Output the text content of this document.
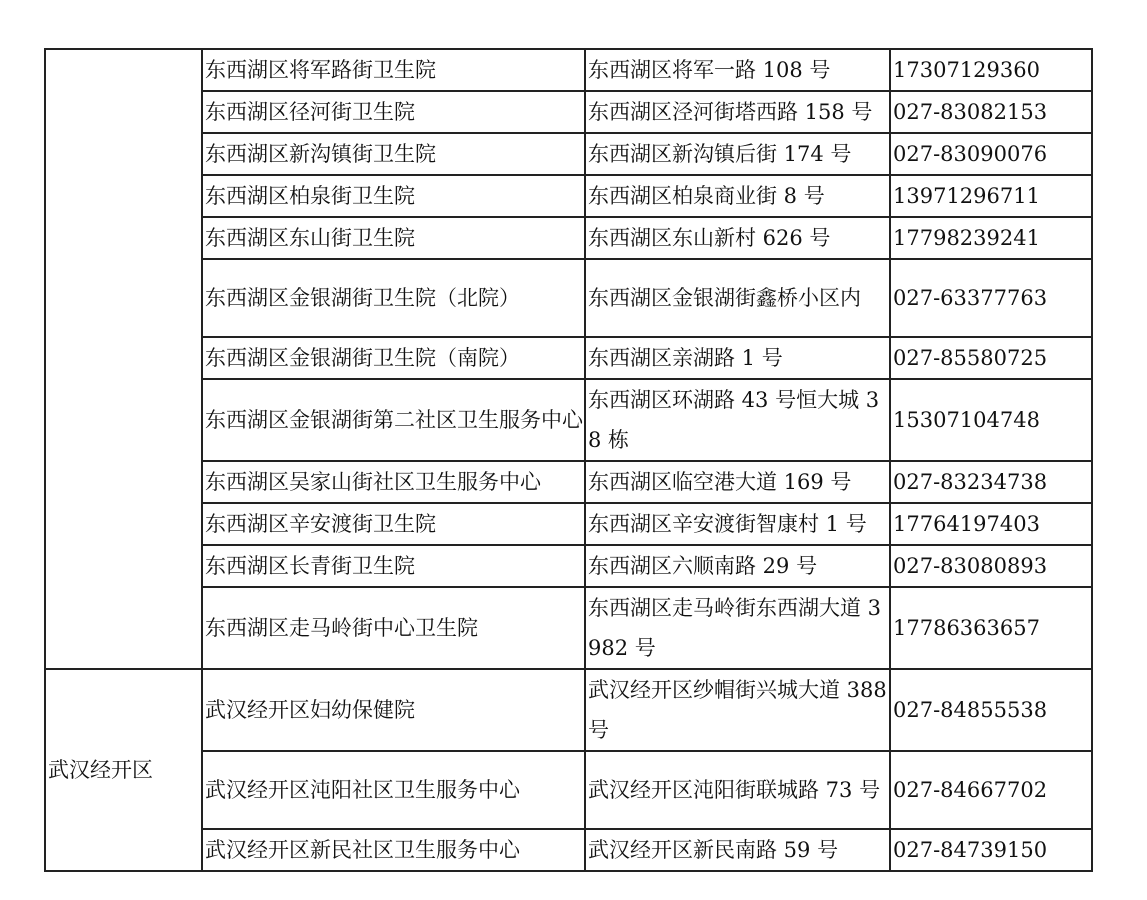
	东西湖区将军路街卫生院	东西湖区将军一路 108 号	17307129360
	东西湖区径河街卫生院	东西湖区泾河街塔西路 158 号	027-83082153
	东西湖区新沟镇街卫生院	东西湖区新沟镇后街 174 号	027-83090076
	东西湖区柏泉街卫生院	东西湖区柏泉商业街 8 号	13971296711
	东西湖区东山街卫生院	东西湖区东山新村 626 号	17798239241
	东西湖区金银湖街卫生院（北院）	东西湖区金银湖街鑫桥小区内	027-63377763
	东西湖区金银湖街卫生院（南院）	东西湖区亲湖路 1 号	027-85580725
	东西湖区金银湖街第二社区卫生服务中心	东西湖区环湖路 43 号恒大城 38 栋	15307104748
	东西湖区吴家山街社区卫生服务中心	东西湖区临空港大道 169 号	027-83234738
	东西湖区辛安渡街卫生院	东西湖区辛安渡街智康村 1 号	17764197403
	东西湖区长青街卫生院	东西湖区六顺南路 29 号	027-83080893
	东西湖区走马岭街中心卫生院	东西湖区走马岭街东西湖大道 3982 号	17786363657
武汉经开区	武汉经开区妇幼保健院	武汉经开区纱帽街兴城大道 388 号	027-84855538
	武汉经开区沌阳社区卫生服务中心	武汉经开区沌阳街联城路 73 号	027-84667702
	武汉经开区新民社区卫生服务中心	武汉经开区新民南路 59 号	027-84739150
